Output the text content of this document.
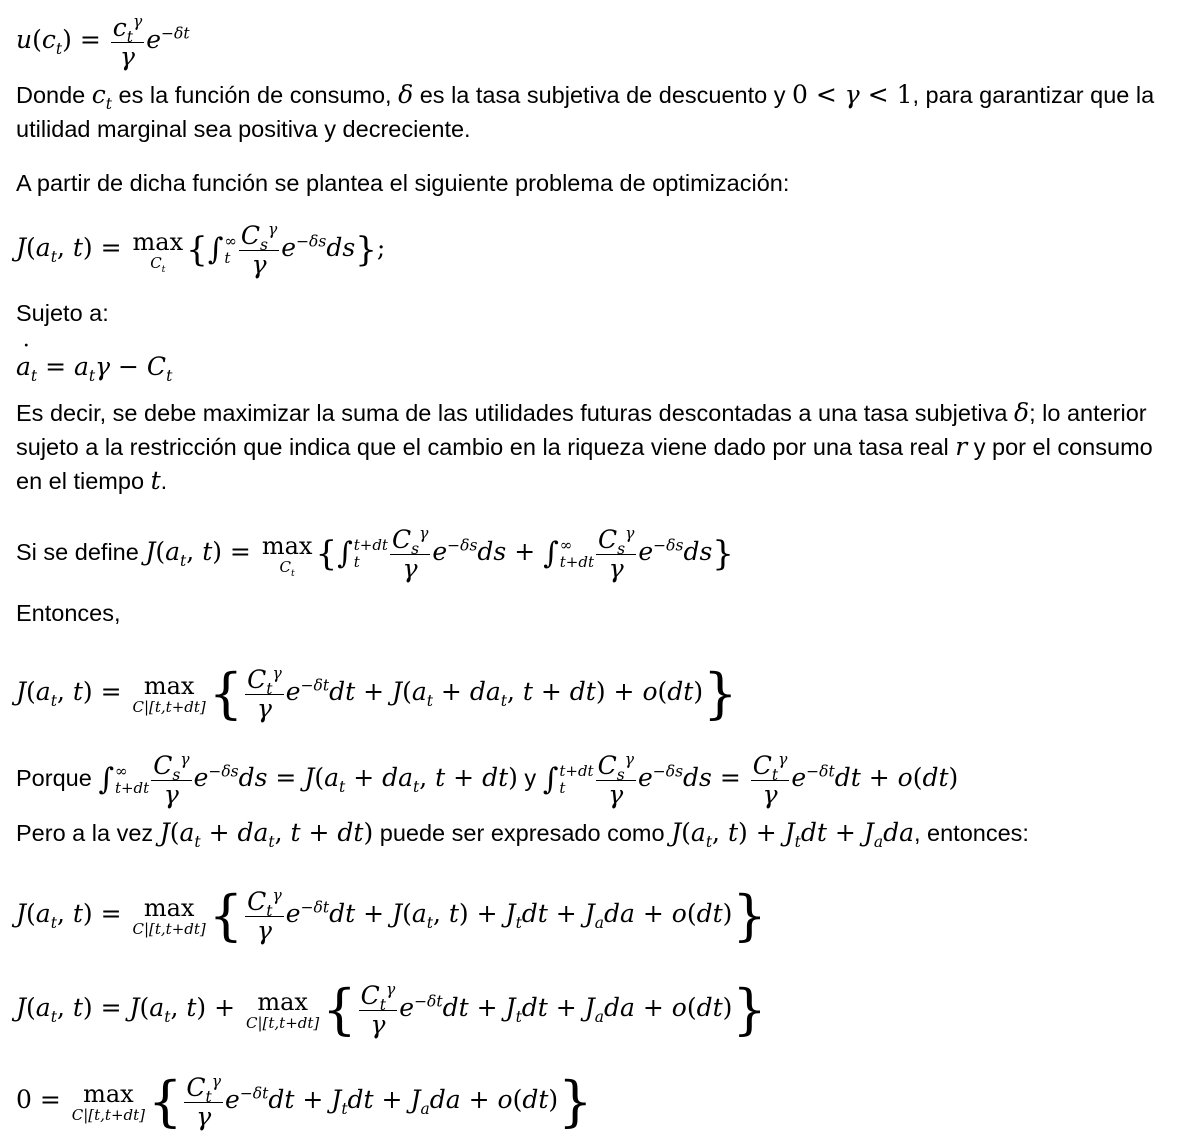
$u(c_t) = \frac{c_t^\gamma}{\gamma} e^{-\delta t}$
Donde $c_t$ es la función de consumo, δ es la tasa subjetiva de descuento y 0 < γ < 1, para garantizar que la
utilidad marginal sea positiva y decreciente.
A partir de dicha función se plantea el siguiente problema de optimización:
$J(a_t$, t) = max
$C_t$ {∫ ∞
t $\frac{C_s^\gamma}{\gamma} e^{-\delta s}ds$};
Sujeto a:
˙ $a_t = a_t\gamma - C_t$
Es decir, se debe maximizar la suma de las utilidades futuras descontadas a una tasa subjetiva δ; lo anterior
sujeto a la restricción que indica que el cambio en la riqueza viene dado por una tasa real r y por el consumo
en el tiempo t.
Si se define $J(a_t$, t) = max
$C_t$ {∫ t+dt
t	$\frac{C_s^\gamma}{\gamma} e^{-\delta s}ds$ + ∫ ∞
$t+dt \frac{C_s^\gamma}{\gamma} e^{-\delta s}ds$}
Entonces,
$J(a_t$, t) = max
C|[t,t+dt] { $\frac{C_t^\gamma}{\gamma} e^{-\delta t}dt + J(a_t + da_t$, t + dt) + o(dt)}
Porque ∫ ∞
$t+dt \frac{C_s^\gamma}{\gamma} e^{-\delta s}ds = J(a_t + da_t$, t + dt) y ∫ t+dt
t	$\frac{C_s^\gamma}{\gamma} e^{-\delta s}ds = \frac{C_t^\gamma}{\gamma} e^{-\delta t}dt + o(dt)$
Pero a la vez $J(a_t + da_t$, t + dt) puede ser expresado como $J(a_t$, $t) + J_tdt + J_ada$, entonces:
$J(a_t$, t) = max
C|[t,t+dt] { $\frac{C_t^\gamma}{\gamma} e^{-\delta t}dt + J(a_t$, $t) + J_tdt + J_ada + o(dt)$}
$J(a_t$, $t) = J(a_t$, t) + max
C|[t,t+dt] { $\frac{C_t^\gamma}{\gamma} e^{-\delta t}dt + J_tdt + J_ada + o(dt)$}
0 = max
C|[t,t+dt] { $\frac{C_t^\gamma}{\gamma} e^{-\delta t}dt + J_tdt + J_ada + o(dt)$}
